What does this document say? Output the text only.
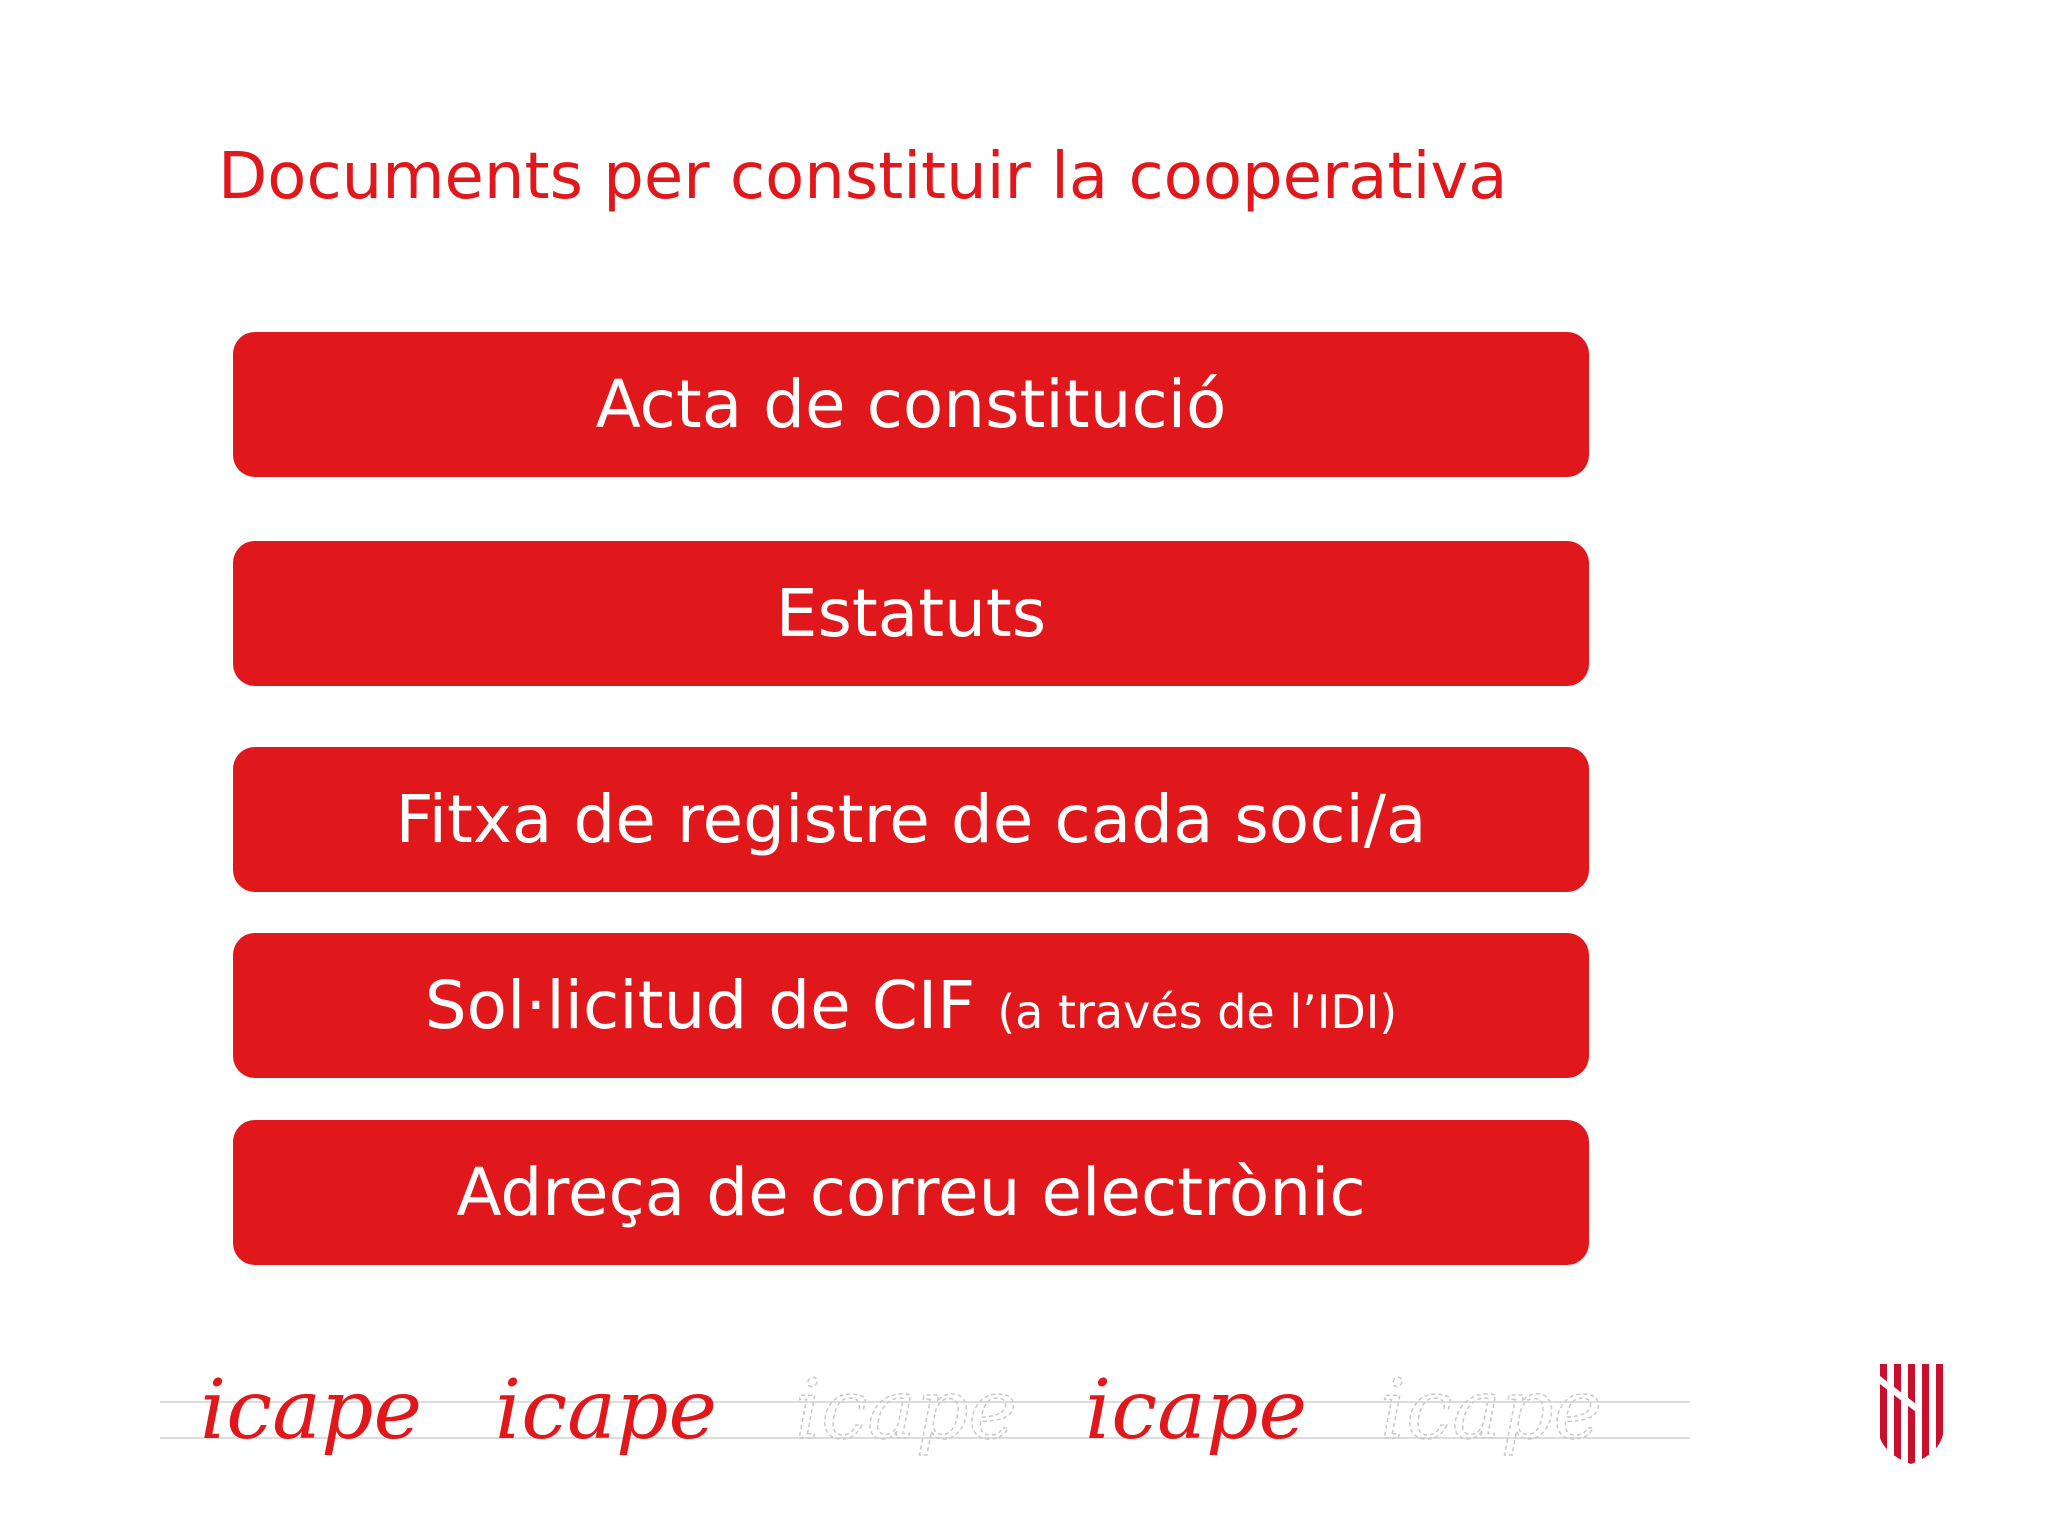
Documents per constituir la cooperativa
Acta de constitució
Estatuts
Fitxa de registre de cada soci/a
Sol·licitud de CIF (a través de l’IDI)
Adreça de correu electrònic
icape icape icape icape icape
